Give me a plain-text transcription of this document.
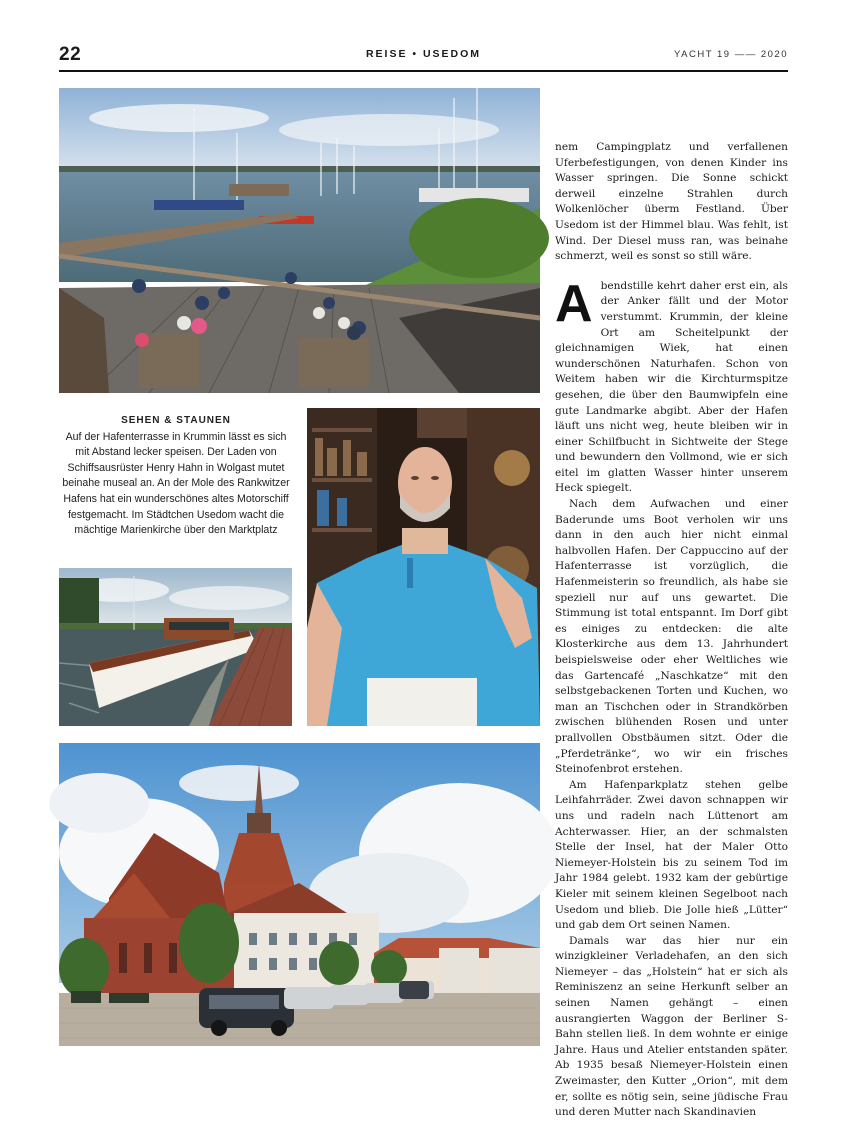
22	REISE • USEDOM	YACHT 19 —— 2020
SEHEN & STAUNEN
Auf der Hafenterrasse in Krummin lässt es sich mit Abstand lecker speisen. Der Laden von Schiffsausrüster Henry Hahn in Wolgast mutet beinahe museal an. An der Mole des Rankwitzer Hafens hat ein wunderschönes altes Motorschiff festgemacht. Im Städtchen Usedom wacht die mächtige Marienkirche über den Marktplatz

nem Campingplatz und verfallenen Uferbefestigungen, von denen Kinder ins Wasser springen. Die Sonne schickt derweil einzelne Strahlen durch Wolkenlöcher überm Festland. Über Usedom ist der Himmel blau. Was fehlt, ist Wind. Der Diesel muss ran, was beinahe schmerzt, weil es sonst so still wäre.

Abendstille kehrt daher erst ein, als der Anker fällt und der Motor verstummt. Krummin, der kleine Ort am Scheitelpunkt der gleichnamigen Wiek, hat einen wunderschönen Naturhafen. Schon von Weitem haben wir die Kirchturmspitze gesehen, die über den Baumwipfeln eine gute Landmarke abgibt. Aber der Hafen läuft uns nicht weg, heute bleiben wir in einer Schilfbucht in Sichtweite der Stege und bewundern den Vollmond, wie er sich eitel im glatten Wasser hinter unserem Heck spiegelt.

Nach dem Aufwachen und einer Baderunde ums Boot verholen wir uns dann in den auch hier nicht einmal halbvollen Hafen. Der Cappuccino auf der Hafenterrasse ist vorzüglich, die Hafenmeisterin so freundlich, als habe sie speziell nur auf uns gewartet. Die Stimmung ist total entspannt. Im Dorf gibt es einiges zu entdecken: die alte Klosterkirche aus dem 13. Jahrhundert beispielsweise oder eher Weltliches wie das Gartencafé „Naschkatze“ mit den selbstgebackenen Torten und Kuchen, wo man an Tischchen oder in Strandkörben zwischen blühenden Rosen und unter prallvollen Obstbäumen sitzt. Oder die „Pferdetränke“, wo wir ein frisches Steinofenbrot erstehen.

Am Hafenparkplatz stehen gelbe Leihfahrräder. Zwei davon schnappen wir uns und radeln nach Lüttenort am Achterwasser. Hier, an der schmalsten Stelle der Insel, hat der Maler Otto Niemeyer-Holstein bis zu seinem Tod im Jahr 1984 gelebt. 1932 kam der gebürtige Kieler mit seinem kleinen Segelboot nach Usedom und blieb. Die Jolle hieß „Lütter“ und gab dem Ort seinen Namen.

Damals war das hier nur ein winzigkleiner Verladehafen, an den sich Niemeyer – das „Holstein“ hat er sich als Reminiszenz an seine Herkunft selber an seinen Namen gehängt – einen ausrangierten Waggon der Berliner S-Bahn stellen ließ. In dem wohnte er einige Jahre. Haus und Atelier entstanden später. Ab 1935 besaß Niemeyer-Holstein einen Zweimaster, den Kutter „Orion“, mit dem er, sollte es nötig sein, seine jüdische Frau und deren Mutter nach Skandinavien
